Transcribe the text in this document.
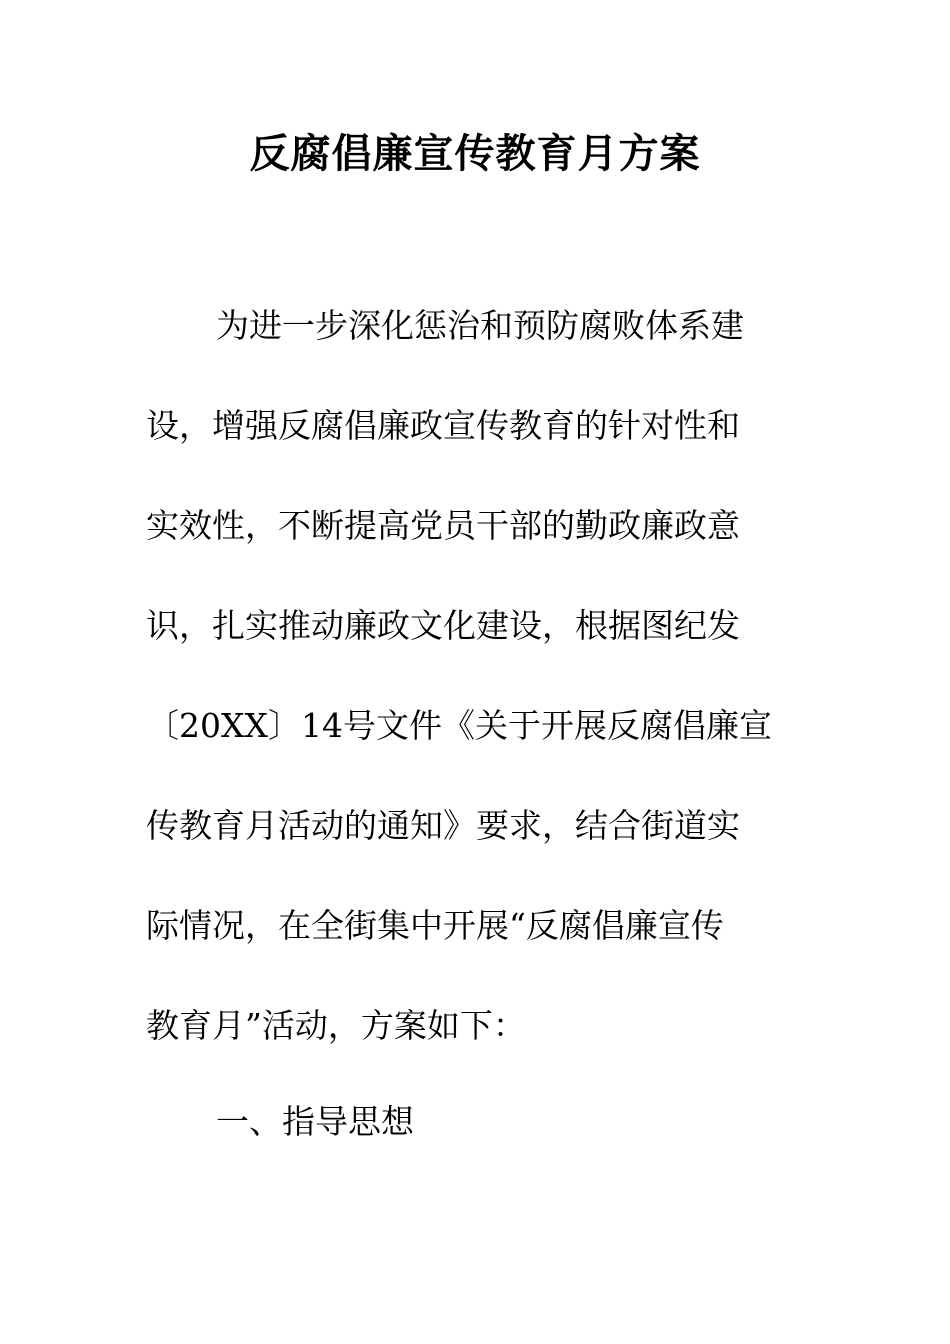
反腐倡廉宣传教育月方案
为进一步深化惩治和预防腐败体系建
设，增强反腐倡廉政宣传教育的针对性和
实效性，不断提高党员干部的勤政廉政意
识，扎实推动廉政文化建设，根据图纪发
〔20XX〕14号文件《关于开展反腐倡廉宣
传教育月活动的通知》要求，结合街道实
际情况，在全街集中开展“反腐倡廉宣传
教育月”活动，方案如下：
一、指导思想
